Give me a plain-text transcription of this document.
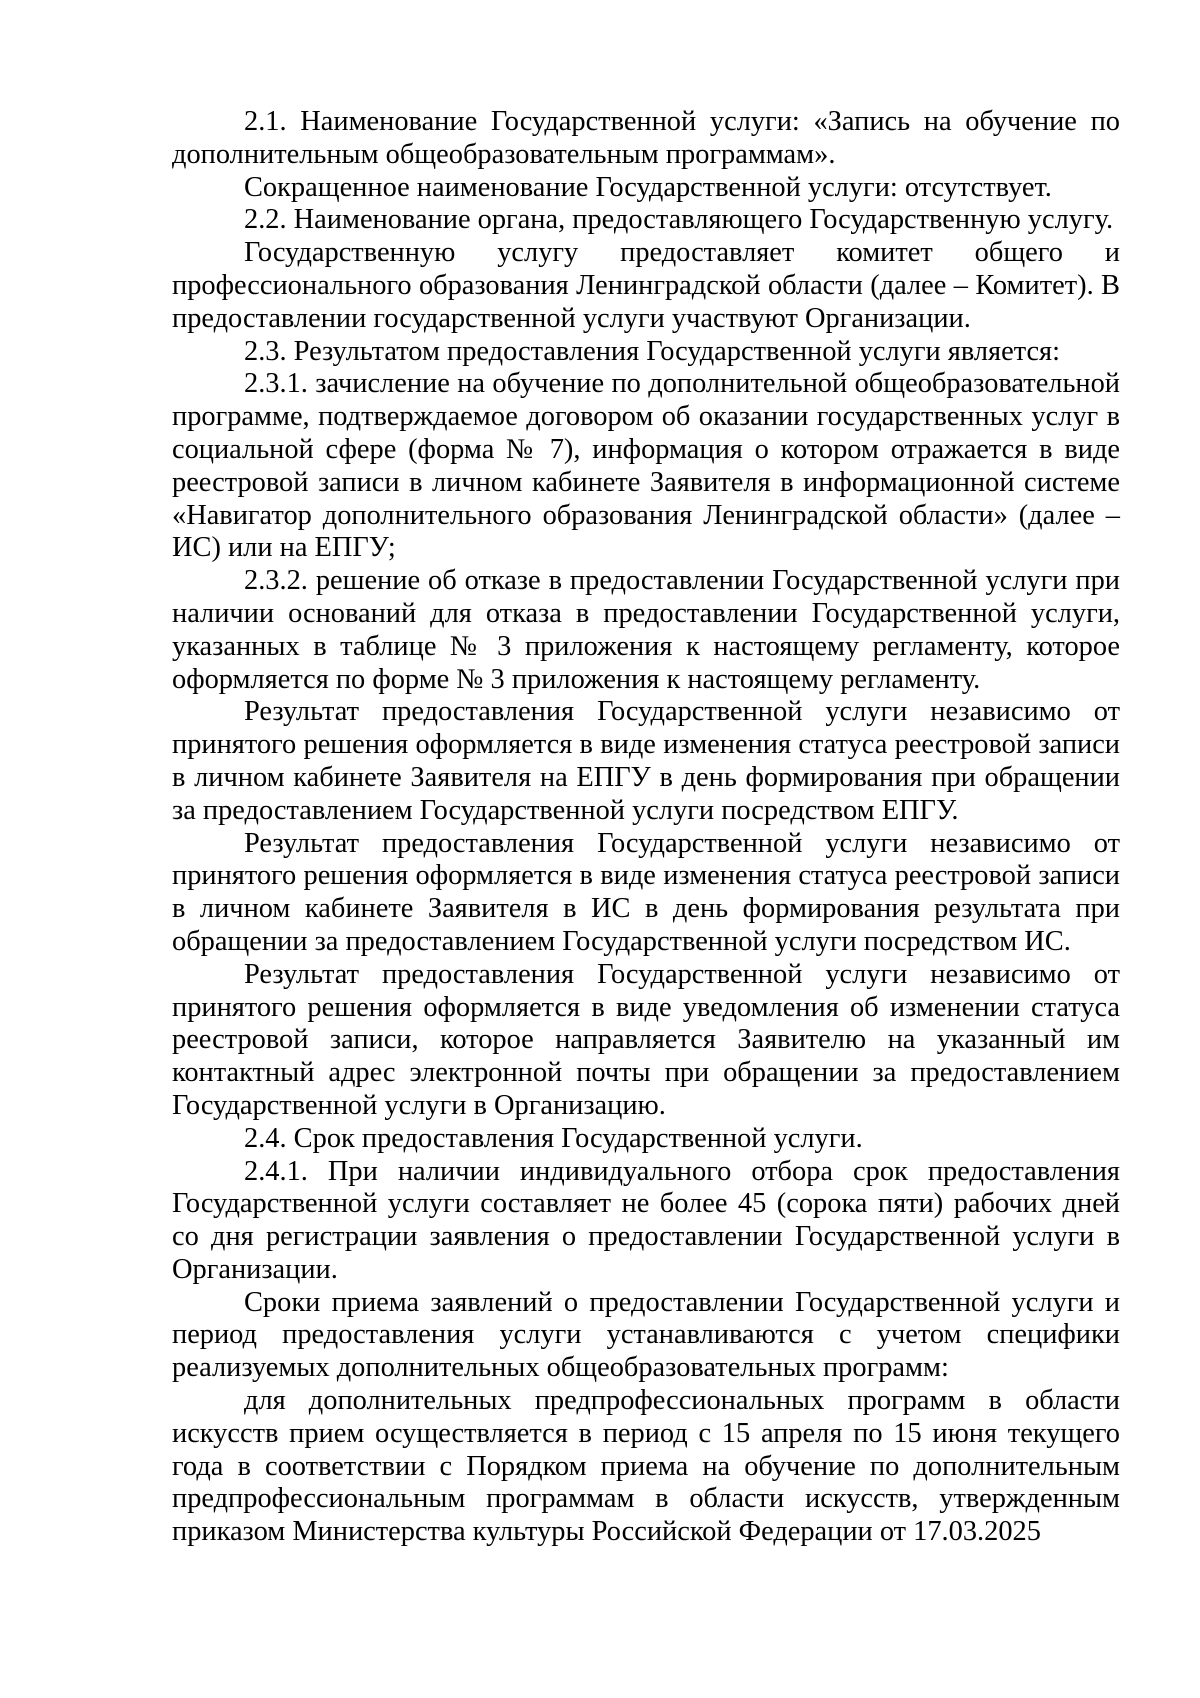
2.1. Наименование Государственной услуги: «Запись на обучение по дополнительным общеобразовательным программам».

Сокращенное наименование Государственной услуги: отсутствует.

2.2. Наименование органа, предоставляющего Государственную услугу.

Государственную услугу предоставляет комитет общего и профессионального образования Ленинградской области (далее – Комитет). В предоставлении государственной услуги участвуют Организации.

2.3. Результатом предоставления Государственной услуги является:

2.3.1. зачисление на обучение по дополнительной общеобразовательной программе, подтверждаемое договором об оказании государственных услуг в социальной сфере (форма № 7), информация о котором отражается в виде реестровой записи в личном кабинете Заявителя в информационной системе «Навигатор дополнительного образования Ленинградской области» (далее – ИС) или на ЕПГУ;

2.3.2. решение об отказе в предоставлении Государственной услуги при наличии оснований для отказа в предоставлении Государственной услуги, указанных в таблице № 3 приложения к настоящему регламенту, которое оформляется по форме № 3 приложения к настоящему регламенту.

Результат предоставления Государственной услуги независимо от принятого решения оформляется в виде изменения статуса реестровой записи в личном кабинете Заявителя на ЕПГУ в день формирования при обращении за предоставлением Государственной услуги посредством ЕПГУ.

Результат предоставления Государственной услуги независимо от принятого решения оформляется в виде изменения статуса реестровой записи в личном кабинете Заявителя в ИС в день формирования результата при обращении за предоставлением Государственной услуги посредством ИС.

Результат предоставления Государственной услуги независимо от принятого решения оформляется в виде уведомления об изменении статуса реестровой записи, которое направляется Заявителю на указанный им контактный адрес электронной почты при обращении за предоставлением Государственной услуги в Организацию.

2.4. Срок предоставления Государственной услуги.

2.4.1. При наличии индивидуального отбора срок предоставления Государственной услуги составляет не более 45 (сорока пяти) рабочих дней со дня регистрации заявления о предоставлении Государственной услуги в Организации.

Сроки приема заявлений о предоставлении Государственной услуги и период предоставления услуги устанавливаются с учетом специфики реализуемых дополнительных общеобразовательных программ:

для дополнительных предпрофессиональных программ в области искусств прием осуществляется в период с 15 апреля по 15 июня текущего года в соответствии с Порядком приема на обучение по дополнительным предпрофессиональным программам в области искусств, утвержденным приказом Министерства культуры Российской Федерации от 17.03.2025
